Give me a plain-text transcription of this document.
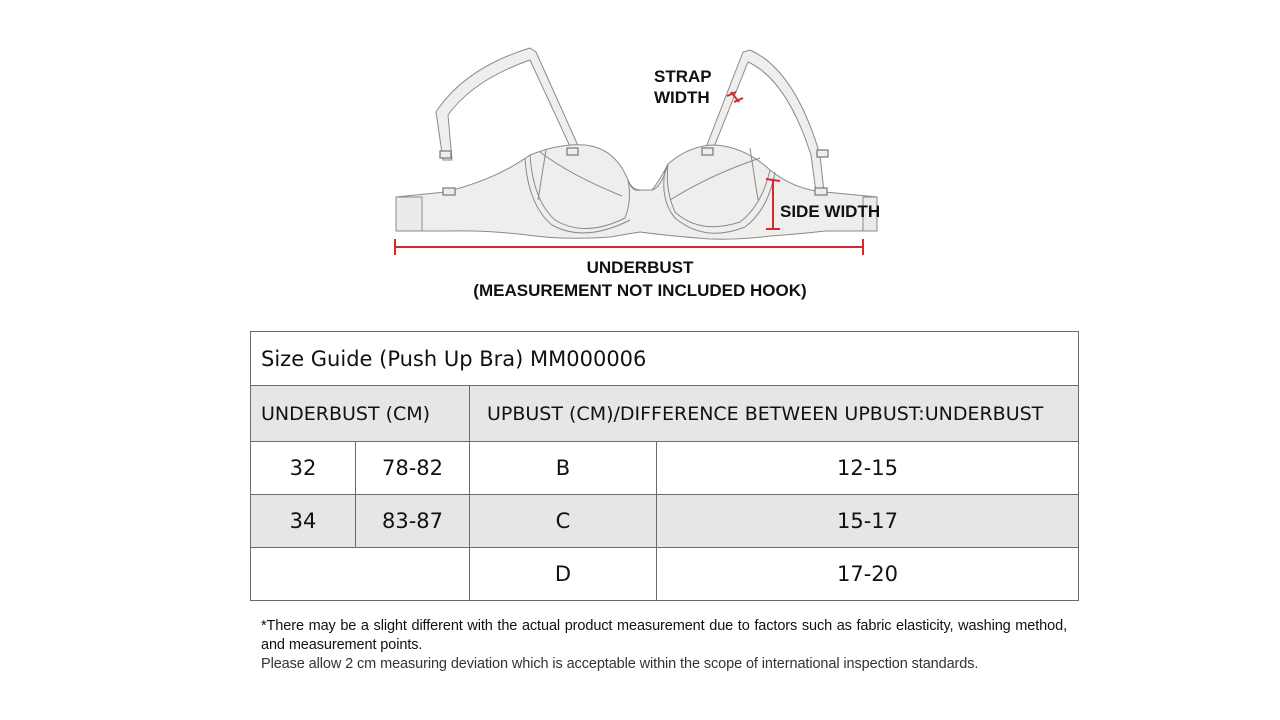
STRAP
WIDTH
SIDE WIDTH
UNDERBUST
(MEASUREMENT NOT INCLUDED HOOK)
Size Guide (Push Up Bra) MM000006			
UNDERBUST (CM)		UPBUST (CM)/DIFFERENCE BETWEEN UPBUST:UNDERBUST	
32	78-82	B	12-15
34	83-87	C	15-17
		D	17-20

*There may be a slight different with the actual product measurement due to factors such as fabric elasticity, washing method, and measurement points.

Please allow 2 cm measuring deviation which is acceptable within the scope of international inspection standards.
